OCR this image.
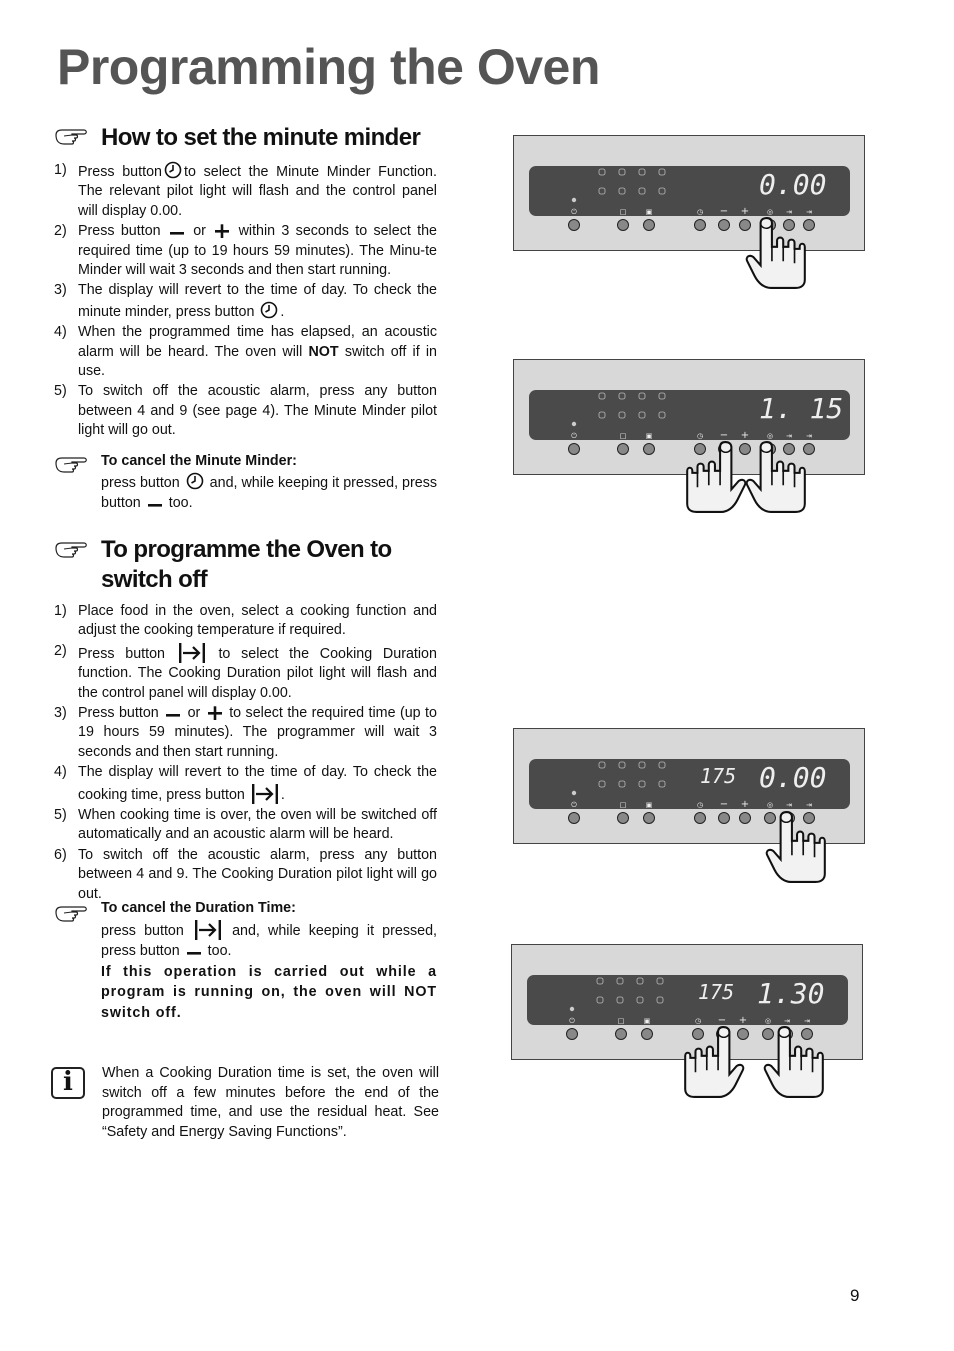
Programming the Oven
How to set the minute minder
1) Press button to select the Minute Minder Function. The relevant pilot light will flash and the control panel will display 0.00.
2) Press button or within 3 seconds to select the required time (up to 19 hours 59 minutes). The Minu-te Minder will wait 3 seconds and then start running.
3) The display will revert to the time of day. To check the minute minder, press button .
4) When the programmed time has elapsed, an acoustic alarm will be heard. The oven will NOT switch off if in use.
5) To switch off the acoustic alarm, press any button between 4 and 9 (see page 4). The Minute Minder pilot light will go out.
To cancel the Minute Minder:
press button and, while keeping it pressed, press button too.
To programme the Oven to
switch off
1) Place food in the oven, select a cooking function and adjust the cooking temperature if required.
2) Press button	to select the Cooking Duration function. The Cooking Duration pilot light will flash and the control panel will display 0.00.
3) Press button or to select the required time (up to 19 hours 59 minutes). The programmer will wait 3 seconds and then start running.
4) The display will revert to the time of day. To check the cooking time, press button	.
5) When cooking time is over, the oven will be switched off automatically and an acoustic alarm will be heard.
6) To switch off the acoustic alarm, press any button between 4 and 9. The Cooking Duration pilot light will go out.
To cancel the Duration Time:
press button	and, while keeping it pressed, press button too.
If this operation is carried out while a program is running on, the oven will NOT switch off.
i	When a Cooking Duration time is set, the oven will switch off a few minutes before the end of the programmed time, and use the residual heat. See “Safety and Energy Saving Functions”.
⏻	□	▣	◷ − +	◎ ⇥ ⇥
0.00
⏻	□	▣	◷ − +	◎ ⇥ ⇥
1. 15
⏻	□	▣	◷ − +	◎ ⇥ ⇥
175 0.00
⏻	□	▣	◷ − +	◎ ⇥ ⇥
175 1.30
9
